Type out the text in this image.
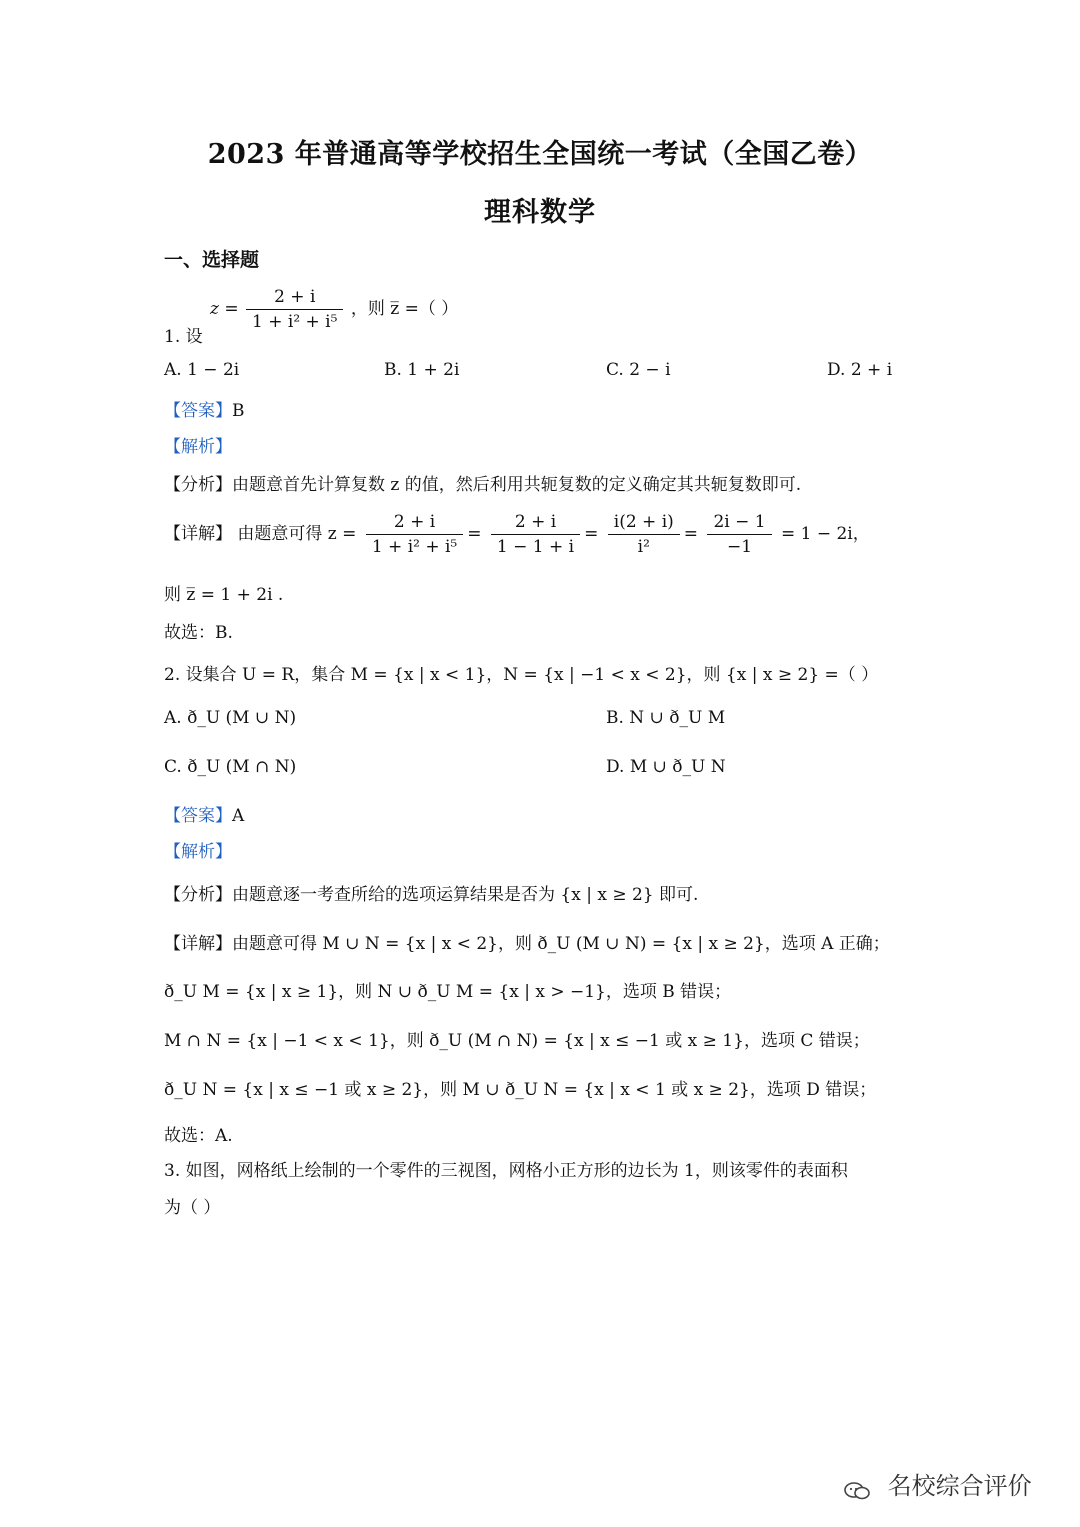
2023 年普通高等学校招生全国统一考试（全国乙卷）
理科数学
一、选择题
1. 设
$z = \frac{2 + i}{\text{1 + i² + i⁵}}$ ，则 z̅ =（ ）
A. 1 − 2i	B. 1 + 2i	C. 2 − i	D. 2 + i
【答案】B
【解析】
【分析】由题意首先计算复数 z 的值，然后利用共轭复数的定义确定其共轭复数即可.
【详解】 由题意可得 $z = \frac{2 + i}{\text{1 + i² + i⁵}} = \frac{2 + i}{1 - 1 + i} = \frac{i(2 + i)}{\text{i²}} = \frac{2i - 1}{-1} = 1 - 2i$，
则 z̅ = 1 + 2i .
故选：B.
2. 设集合 U = R，集合 M = {x | x < 1}，N = {x | −1 < x < 2}，则 {x | x ≥ 2} =（ ）
A. ð_U (M ∪ N)	B. N ∪ ð_U M
C. ð_U (M ∩ N)	D. M ∪ ð_U N
【答案】A
【解析】
【分析】由题意逐一考查所给的选项运算结果是否为 {x | x ≥ 2} 即可.
【详解】由题意可得 M ∪ N = {x | x < 2}，则 ð_U (M ∪ N) = {x | x ≥ 2}，选项 A 正确；
ð_U M = {x | x ≥ 1}，则 N ∪ ð_U M = {x | x > −1}，选项 B 错误；
M ∩ N = {x | −1 < x < 1}，则 ð_U (M ∩ N) = {x | x ≤ −1 或 x ≥ 1}，选项 C 错误；
ð_U N = {x | x ≤ −1 或 x ≥ 2}，则 M ∪ ð_U N = {x | x < 1 或 x ≥ 2}，选项 D 错误；
故选：A.
3. 如图，网格纸上绘制的一个零件的三视图，网格小正方形的边长为 1，则该零件的表面积
为（ ）
名校综合评价
